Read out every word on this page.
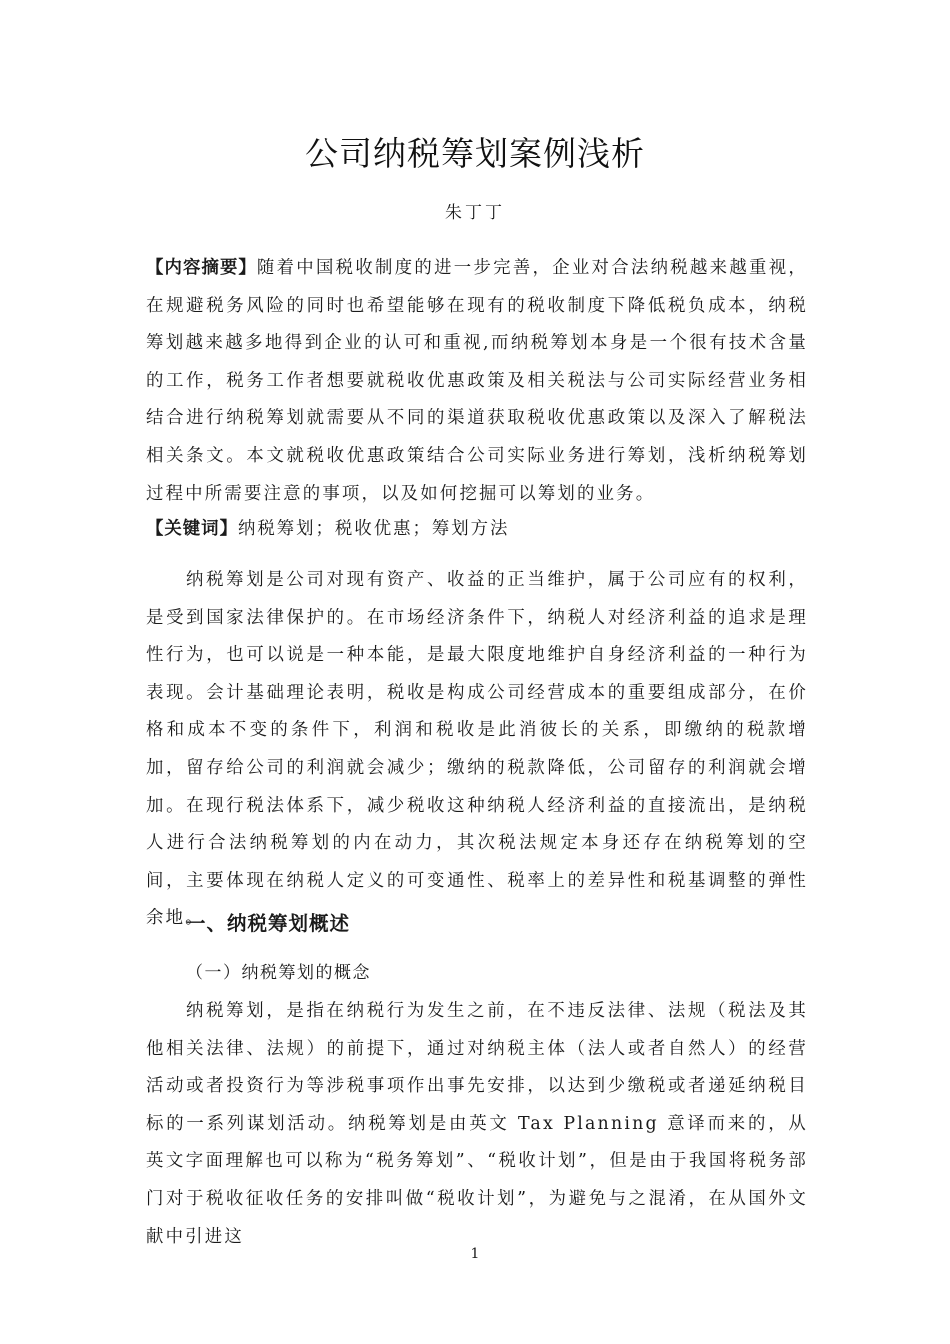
公司纳税筹划案例浅析
朱丁丁
【内容摘要】随着中国税收制度的进一步完善，企业对合法纳税越来越重视，在规避税务风险的同时也希望能够在现有的税收制度下降低税负成本，纳税筹划越来越多地得到企业的认可和重视,而纳税筹划本身是一个很有技术含量的工作，税务工作者想要就税收优惠政策及相关税法与公司实际经营业务相结合进行纳税筹划就需要从不同的渠道获取税收优惠政策以及深入了解税法相关条文。本文就税收优惠政策结合公司实际业务进行筹划，浅析纳税筹划过程中所需要注意的事项，以及如何挖掘可以筹划的业务。
【关键词】纳税筹划；税收优惠；筹划方法
纳税筹划是公司对现有资产、收益的正当维护，属于公司应有的权利，是受到国家法律保护的。在市场经济条件下，纳税人对经济利益的追求是理性行为，也可以说是一种本能，是最大限度地维护自身经济利益的一种行为表现。会计基础理论表明，税收是构成公司经营成本的重要组成部分，在价格和成本不变的条件下，利润和税收是此消彼长的关系，即缴纳的税款增加，留存给公司的利润就会减少；缴纳的税款降低，公司留存的利润就会增加。在现行税法体系下，减少税收这种纳税人经济利益的直接流出，是纳税人进行合法纳税筹划的内在动力，其次税法规定本身还存在纳税筹划的空间，主要体现在纳税人定义的可变通性、税率上的差异性和税基调整的弹性余地。
一、纳税筹划概述
（一）纳税筹划的概念
纳税筹划，是指在纳税行为发生之前，在不违反法律、法规（税法及其他相关法律、法规）的前提下，通过对纳税主体（法人或者自然人）的经营活动或者投资行为等涉税事项作出事先安排，以达到少缴税或者递延纳税目标的一系列谋划活动。纳税筹划是由英文 Tax Planning 意译而来的，从英文字面理解也可以称为“税务筹划”、“税收计划”，但是由于我国将税务部门对于税收征收任务的安排叫做“税收计划”，为避免与之混淆，在从国外文献中引进这
1
